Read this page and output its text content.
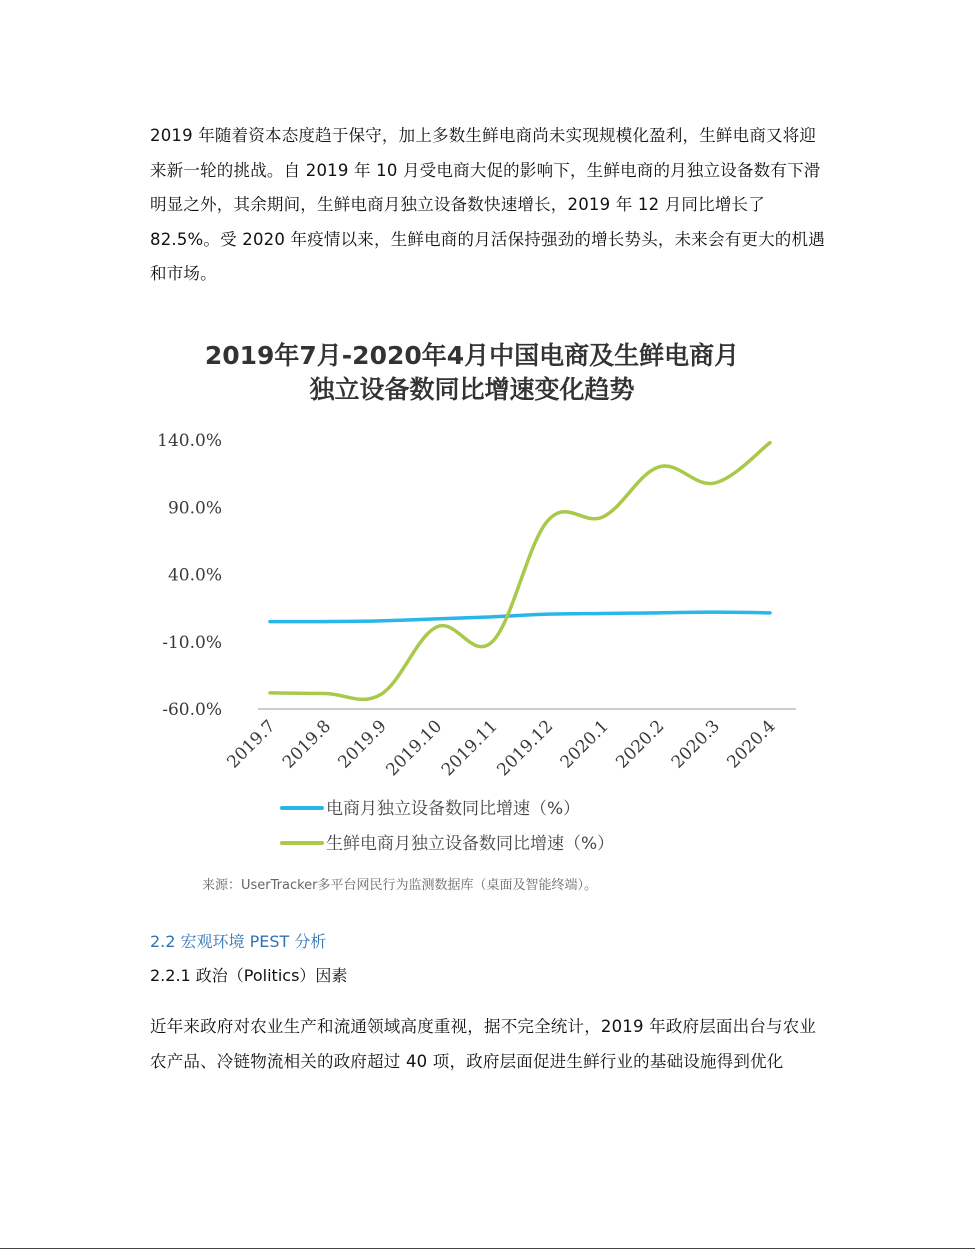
2019 年随着资本态度趋于保守，加上多数生鲜电商尚未实现规模化盈利，生鲜电商又将迎来新一轮的挑战。自 2019 年 10 月受电商大促的影响下，生鲜电商的月独立设备数有下滑明显之外，其余期间，生鲜电商月独立设备数快速增长，2019 年 12 月同比增长了 82.5%。受 2020 年疫情以来，生鲜电商的月活保持强劲的增长势头，未来会有更大的机遇和市场。

2019年7月-2020年4月中国电商及生鲜电商月
独立设备数同比增速变化趋势
140.0%
90.0%
40.0%
-10.0%
-60.0%
2019.7 2019.8 2019.9
2019.10
2019.11
2019.12 2020.1 2020.2 2020.3 2020.4
电商月独立设备数同比增速（%）
生鲜电商月独立设备数同比增速（%）
来源：UserTracker多平台网民行为监测数据库（桌面及智能终端）。
2.2 宏观环境 PEST 分析
2.2.1 政治（Politics）因素

近年来政府对农业生产和流通领域高度重视，据不完全统计，2019 年政府层面出台与农业农产品、冷链物流相关的政府超过 40 项，政府层面促进生鲜行业的基础设施得到优化
